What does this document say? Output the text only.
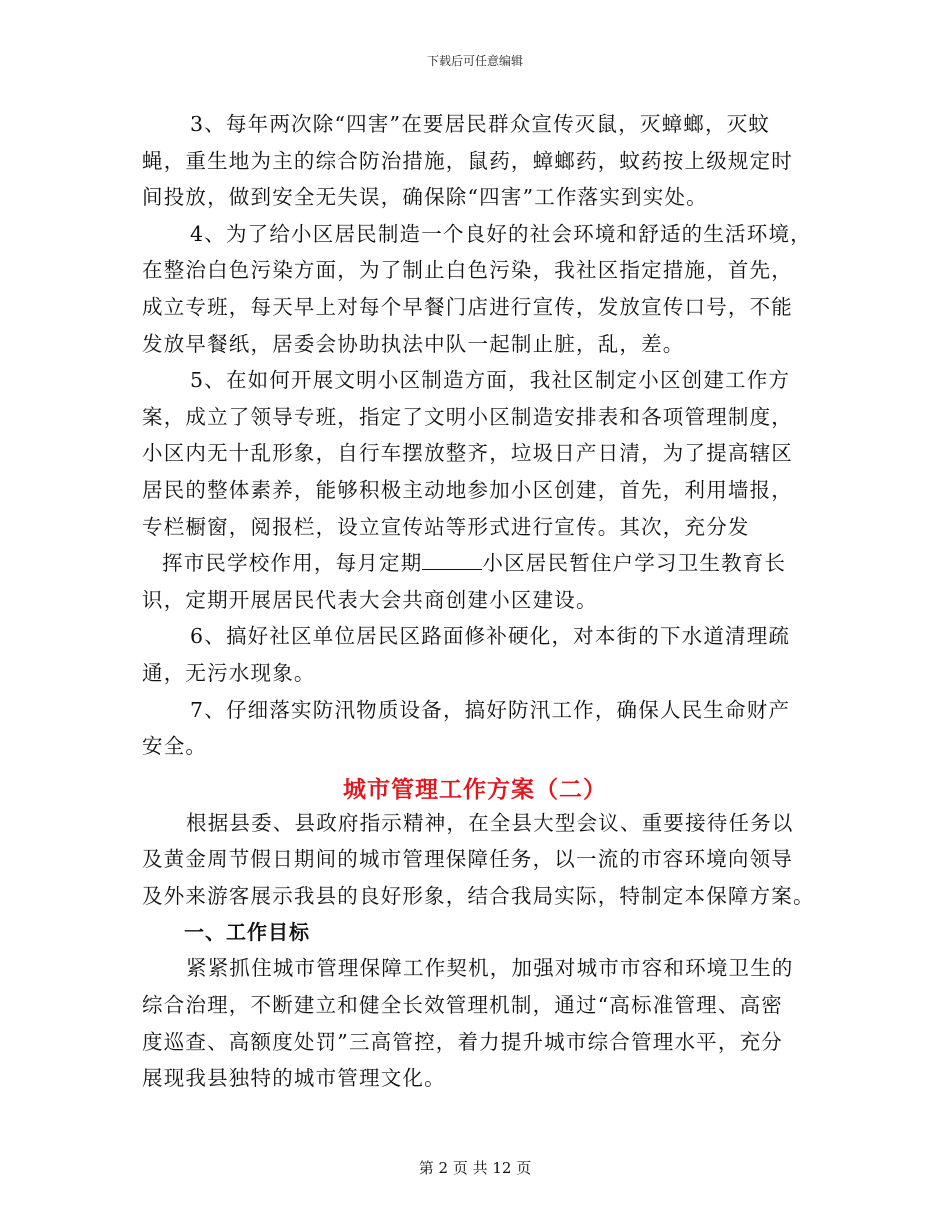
下载后可任意编辑

3、每年两次除“四害”在要居民群众宣传灭鼠，灭蟑螂，灭蚊

蝇，重生地为主的综合防治措施，鼠药，蟑螂药，蚊药按上级规定时

间投放，做到安全无失误，确保除“四害”工作落实到实处。

4、为了给小区居民制造一个良好的社会环境和舒适的生活环境，

在整治白色污染方面，为了制止白色污染，我社区指定措施，首先，

成立专班，每天早上对每个早餐门店进行宣传，发放宣传口号，不能

发放早餐纸，居委会协助执法中队一起制止脏，乱，差。

5、在如何开展文明小区制造方面，我社区制定小区创建工作方

案，成立了领导专班，指定了文明小区制造安排表和各项管理制度，

小区内无十乱形象，自行车摆放整齐，垃圾日产日清，为了提高辖区

居民的整体素养，能够积极主动地参加小区创建，首先，利用墙报，

专栏橱窗，阅报栏，设立宣传站等形式进行宣传。其次，充分发

挥市民学校作用，每月定期	小区居民暂住户学习卫生教育长

识，定期开展居民代表大会共商创建小区建设。

6、搞好社区单位居民区路面修补硬化，对本街的下水道清理疏

通，无污水现象。

7、仔细落实防汛物质设备，搞好防汛工作，确保人民生命财产

安全。

城市管理工作方案（二）

根据县委、县政府指示精神，在全县大型会议、重要接待任务以

及黄金周节假日期间的城市管理保障任务，以一流的市容环境向领导

及外来游客展示我县的良好形象，结合我局实际，特制定本保障方案。

一、工作目标

紧紧抓住城市管理保障工作契机，加强对城市市容和环境卫生的

综合治理，不断建立和健全长效管理机制，通过“高标准管理、高密

度巡查、高额度处罚”三高管控，着力提升城市综合管理水平，充分

展现我县独特的城市管理文化。

第 2 页 共 12 页
